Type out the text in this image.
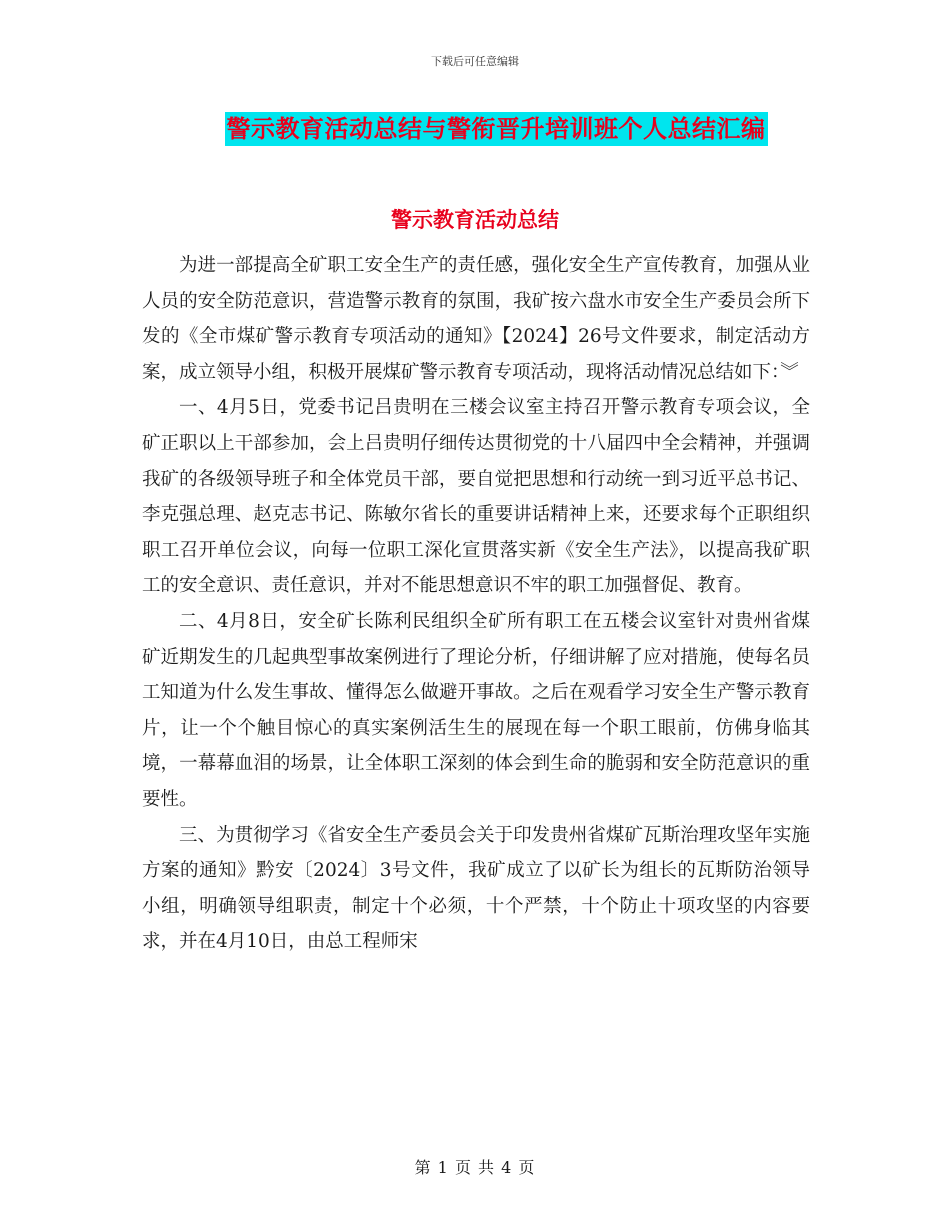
下载后可任意编辑
警示教育活动总结与警衔晋升培训班个人总结汇编
警示教育活动总结

为进一部提高全矿职工安全生产的责任感，强化安全生产宣传教育，加强从业人员的安全防范意识，营造警示教育的氛围，我矿按六盘水市安全生产委员会所下发的《全市煤矿警示教育专项活动的通知》【2024】26号文件要求，制定活动方案，成立领导小组，积极开展煤矿警示教育专项活动，现将活动情况总结如下：︾

一、4月5日，党委书记吕贵明在三楼会议室主持召开警示教育专项会议，全矿正职以上干部参加，会上吕贵明仔细传达贯彻党的十八届四中全会精神，并强调我矿的各级领导班子和全体党员干部，要自觉把思想和行动统一到习近平总书记、李克强总理、赵克志书记、陈敏尔省长的重要讲话精神上来，还要求每个正职组织职工召开单位会议，向每一位职工深化宣贯落实新《安全生产法》，以提高我矿职工的安全意识、责任意识，并对不能思想意识不牢的职工加强督促、教育。

二、4月8日，安全矿长陈利民组织全矿所有职工在五楼会议室针对贵州省煤矿近期发生的几起典型事故案例进行了理论分析，仔细讲解了应对措施，使每名员工知道为什么发生事故、懂得怎么做避开事故。之后在观看学习安全生产警示教育片，让一个个触目惊心的真实案例活生生的展现在每一个职工眼前，仿佛身临其境，一幕幕血泪的场景，让全体职工深刻的体会到生命的脆弱和安全防范意识的重要性。

三、为贯彻学习《省安全生产委员会关于印发贵州省煤矿瓦斯治理攻坚年实施方案的通知》黔安〔2024〕3号文件，我矿成立了以矿长为组长的瓦斯防治领导小组，明确领导组职责，制定十个必须，十个严禁，十个防止十项攻坚的内容要求，并在4月10日，由总工程师宋

第 1 页 共 4 页
